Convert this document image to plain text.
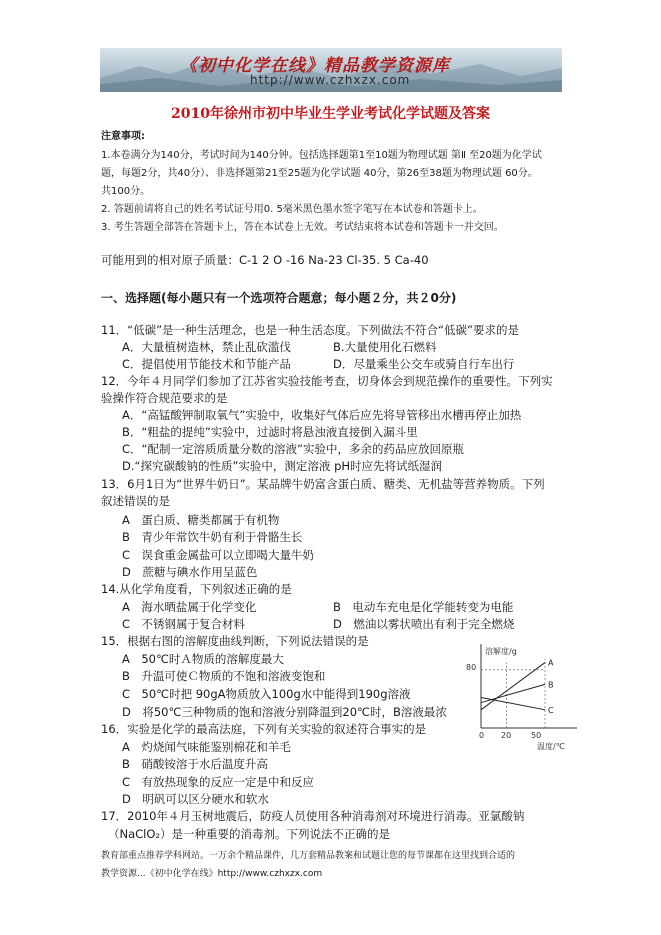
《初中化学在线》精品教学资源库
http://www.czhxzx.com
2010年徐州市初中毕业生学业考试化学试题及答案
注意事项:
1.本卷满分为140分，考试时间为140分钟。包括选择题第1至10题为物理试题 第Ⅱ 至20题为化学试
题，每题2分，共40分）、非选择题第21至25题为化学试题 40分，第26至38题为物理试题 60分。
共100分。
2. 答题前请将自己的姓名考试证号用0. 5毫米黑色墨水签字笔写在本试卷和答题卡上。
3. 考生答题全部答在答题卡上，答在本试卷上无效。考试结束将本试卷和答题卡一并交回。
可能用到的相对原子质量：C-1 2 O -16 Na-23 Cl-35. 5 Ca-40
一、选择题(每小题只有一个选项符合题意；每小题２分，共２0分)
11．“低碳”是一种生活理念，也是一种生活态度。下列做法不符合“低碳”要求的是
A．大量植树造林，禁止乱砍滥伐	B.大量使用化石燃料
C．提倡使用节能技术和节能产品	D．尽量乘坐公交车或骑自行车出行
12．今年４月同学们参加了江苏省实验技能考查，切身体会到规范操作的重要性。下列实
验操作符合规范要求的是
A．“高锰酸钾制取氧气”实验中，收集好气体后应先将导管移出水槽再停止加热
B．“粗盐的提纯”实验中，过滤时将悬浊液直接倒入漏斗里
C．“配制一定溶质质量分数的溶液”实验中，多余的药品应放回原瓶
D.“探究碳酸钠的性质”实验中，测定溶液 pH时应先将试纸湿润
13．6月1日为“世界牛奶日”。某品牌牛奶富含蛋白质、糖类、无机盐等营养物质。下列
叙述错误的是
A　蛋白质、糖类都属于有机物
B　青少年常饮牛奶有利于骨骼生长
C　误食重金属盐可以立即喝大量牛奶
D　蔗糖与碘水作用呈蓝色
14.从化学角度看，下列叙述正确的是
A　海水晒盐属于化学变化	B　电动车充电是化学能转变为电能
C　不锈钢属于复合材料	D　燃油以雾状喷出有利于完全燃烧
15．根据右图的溶解度曲线判断，下列说法错误的是
A　50℃时Ａ物质的溶解度最大
B　升温可使Ｃ物质的不饱和溶液变饱和
C　50℃时把 90gA物质放入100g水中能得到190g溶液
D　将50℃三种物质的饱和溶液分别降温到20℃时，B溶液最浓
16．实验是化学的最高法庭，下列有关实验的叙述符合事实的是
A　灼烧闻气味能鉴别棉花和羊毛
B　硝酸铵溶于水后温度升高
C　有放热现象的反应一定是中和反应
D　明矾可以区分硬水和软水
17．2010年４月玉树地震后，防疫人员使用各种消毒剂对环境进行消毒。亚氯酸钠
（NaClO₂）是一种重要的消毒剂。下列说法不正确的是
A
B
C
溶解度/g
温度/℃
80
0 20 50
教育部重点推荐学科网站。一万余个精品课件，几万套精品教案和试题让您的每节课都在这里找到合适的
教学资源...《初中化学在线》http://www.czhxzx.com
